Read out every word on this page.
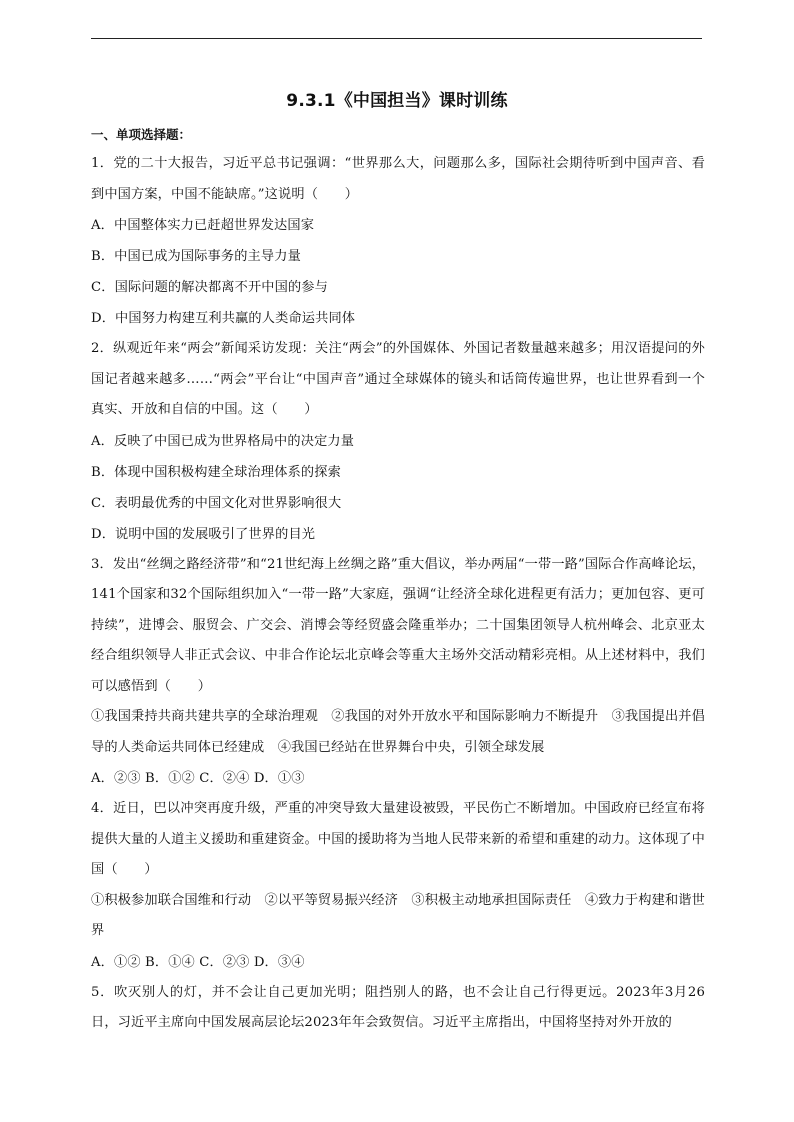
9.3.1《中国担当》课时训练
一、单项选择题：

1．党的二十大报告，习近平总书记强调：“世界那么大，问题那么多，国际社会期待听到中国声音、看到中国方案，中国不能缺席。”这说明（　　）

A．中国整体实力已赶超世界发达国家

B．中国已成为国际事务的主导力量

C．国际问题的解决都离不开中国的参与

D．中国努力构建互利共赢的人类命运共同体

2．纵观近年来“两会”新闻采访发现：关注“两会”的外国媒体、外国记者数量越来越多；用汉语提问的外国记者越来越多……“两会”平台让“中国声音”通过全球媒体的镜头和话筒传遍世界，也让世界看到一个真实、开放和自信的中国。这（　　）

A．反映了中国已成为世界格局中的决定力量

B．体现中国积极构建全球治理体系的探索

C．表明最优秀的中国文化对世界影响很大

D．说明中国的发展吸引了世界的目光

3．发出“丝绸之路经济带”和“21世纪海上丝绸之路”重大倡议，举办两届“一带一路”国际合作高峰论坛，141个国家和32个国际组织加入“一带一路”大家庭，强调“让经济全球化进程更有活力；更加包容、更可持续”，进博会、服贸会、广交会、消博会等经贸盛会隆重举办；二十国集团领导人杭州峰会、北京亚太经合组织领导人非正式会议、中非合作论坛北京峰会等重大主场外交活动精彩亮相。从上述材料中，我们可以感悟到（　　）

①我国秉持共商共建共享的全球治理观　②我国的对外开放水平和国际影响力不断提升　③我国提出并倡导的人类命运共同体已经建成　④我国已经站在世界舞台中央，引领全球发展

A．②③ B．①② C．②④ D．①③

4．近日，巴以冲突再度升级，严重的冲突导致大量建设被毁，平民伤亡不断增加。中国政府已经宣布将提供大量的人道主义援助和重建资金。中国的援助将为当地人民带来新的希望和重建的动力。这体现了中国（　　）

①积极参加联合国维和行动　②以平等贸易振兴经济　③积极主动地承担国际责任　④致力于构建和谐世界

A．①② B．①④ C．②③ D．③④

5．吹灭别人的灯，并不会让自己更加光明；阻挡别人的路，也不会让自己行得更远。2023年3月26日，习近平主席向中国发展高层论坛2023年年会致贺信。习近平主席指出，中国将坚持对外开放的
